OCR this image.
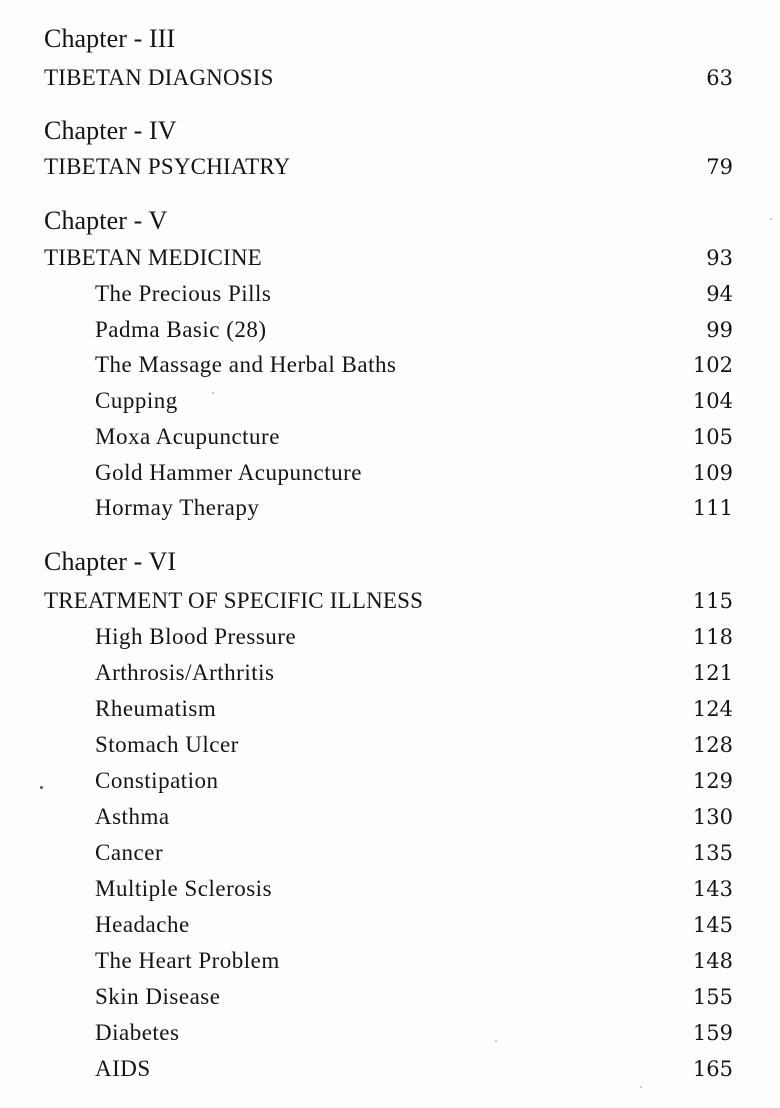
Chapter - III
TIBETAN DIAGNOSIS	63
Chapter - IV
TIBETAN PSYCHIATRY	79
Chapter - V
TIBETAN MEDICINE	93
The Precious Pills	94
Padma Basic (28)	99
The Massage and Herbal Baths	102
Cupping	104
Moxa Acupuncture	105
Gold Hammer Acupuncture	109
Hormay Therapy	111
Chapter - VI
TREATMENT OF SPECIFIC ILLNESS	115
High Blood Pressure	118
Arthrosis/Arthritis	121
Rheumatism	124
Stomach Ulcer	128
Constipation	129
Asthma	130
Cancer	135
Multiple Sclerosis	143
Headache	145
The Heart Problem	148
Skin Disease	155
Diabetes	159
AIDS	165
